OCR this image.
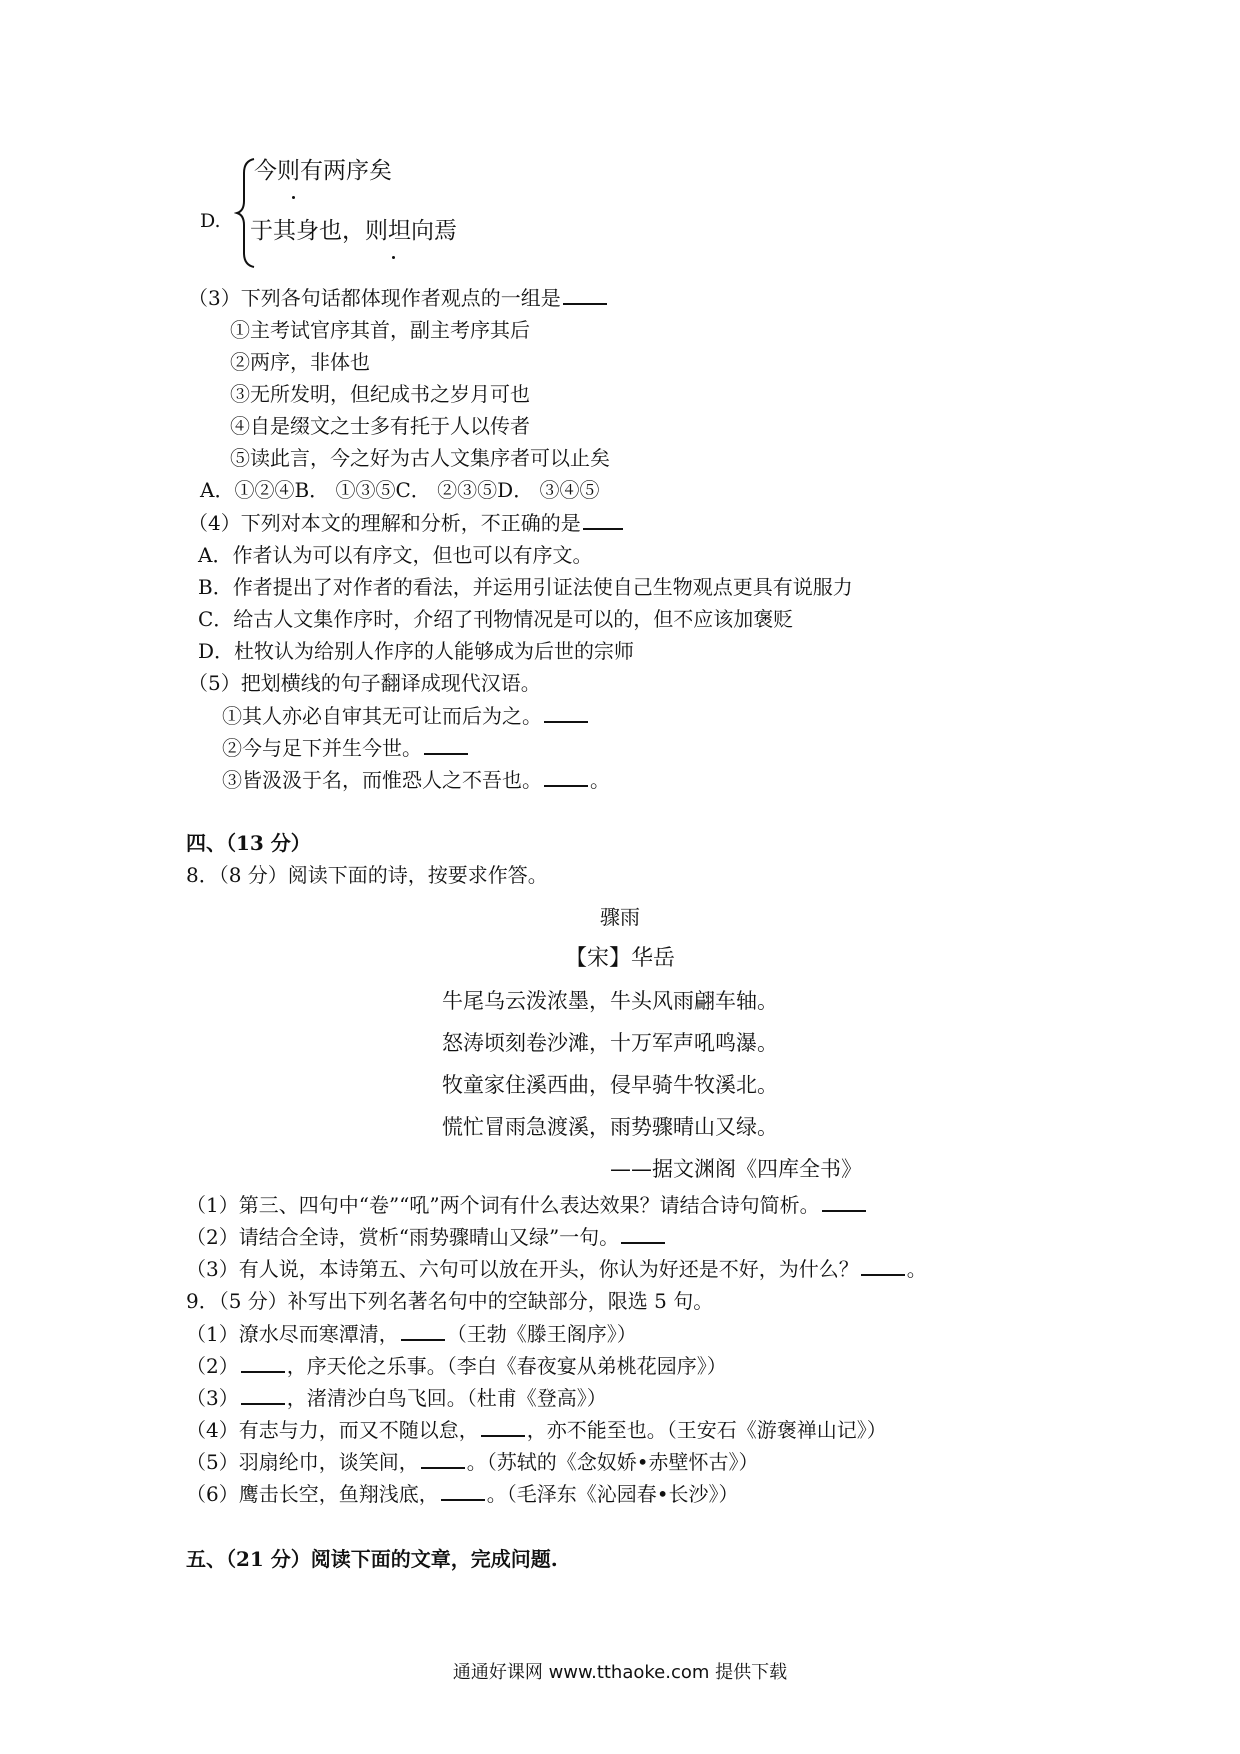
D.
今则有两序矣
于其身也，则坦向焉
（3）下列各句话都体现作者观点的一组是
①主考试官序其首，副主考序其后
②两序，非体也
③无所发明，但纪成书之岁月可也
④自是缀文之士多有托于人以传者
⑤读此言，今之好为古人文集序者可以止矣
A．①②④B． ①③⑤C． ②③⑤D． ③④⑤
（4）下列对本文的理解和分析，不正确的是
A．作者认为可以有序文，但也可以有序文。
B．作者提出了对作者的看法，并运用引证法使自己生物观点更具有说服力
C．给古人文集作序时，介绍了刊物情况是可以的，但不应该加褒贬
D．杜牧认为给别人作序的人能够成为后世的宗师
（5）把划横线的句子翻译成现代汉语。
①其人亦必自审其无可让而后为之。
②今与足下并生今世。
③皆汲汲于名，而惟恐人之不吾也。 。
四、（13 分）
8．（8 分）阅读下面的诗，按要求作答。
骤雨
【宋】华岳
牛尾乌云泼浓墨，牛头风雨翩车轴。
怒涛顷刻卷沙滩，十万军声吼鸣瀑。
牧童家住溪西曲，侵早骑牛牧溪北。
慌忙冒雨急渡溪，雨势骤晴山又绿。
——据文渊阁《四库全书》
（1）第三、四句中“卷”“吼”两个词有什么表达效果？请结合诗句简析。
（2）请结合全诗，赏析“雨势骤晴山又绿”一句。
（3）有人说，本诗第五、六句可以放在开头，你认为好还是不好，为什么？ 。
9．（5 分）补写出下列名著名句中的空缺部分，限选 5 句。
（1）潦水尽而寒潭清， （王勃《滕王阁序》）
（2） ，序天伦之乐事。（李白《春夜宴从弟桃花园序》）
（3） ，渚清沙白鸟飞回。（杜甫《登高》）
（4）有志与力，而又不随以怠， ，亦不能至也。（王安石《游褒禅山记》）
（5）羽扇纶巾，谈笑间， 。（苏轼的《念奴娇•赤壁怀古》）
（6）鹰击长空，鱼翔浅底， 。（毛泽东《沁园春•长沙》）
五、（21 分）阅读下面的文章，完成问题.
通通好课网 www.tthaoke.com 提供下载
